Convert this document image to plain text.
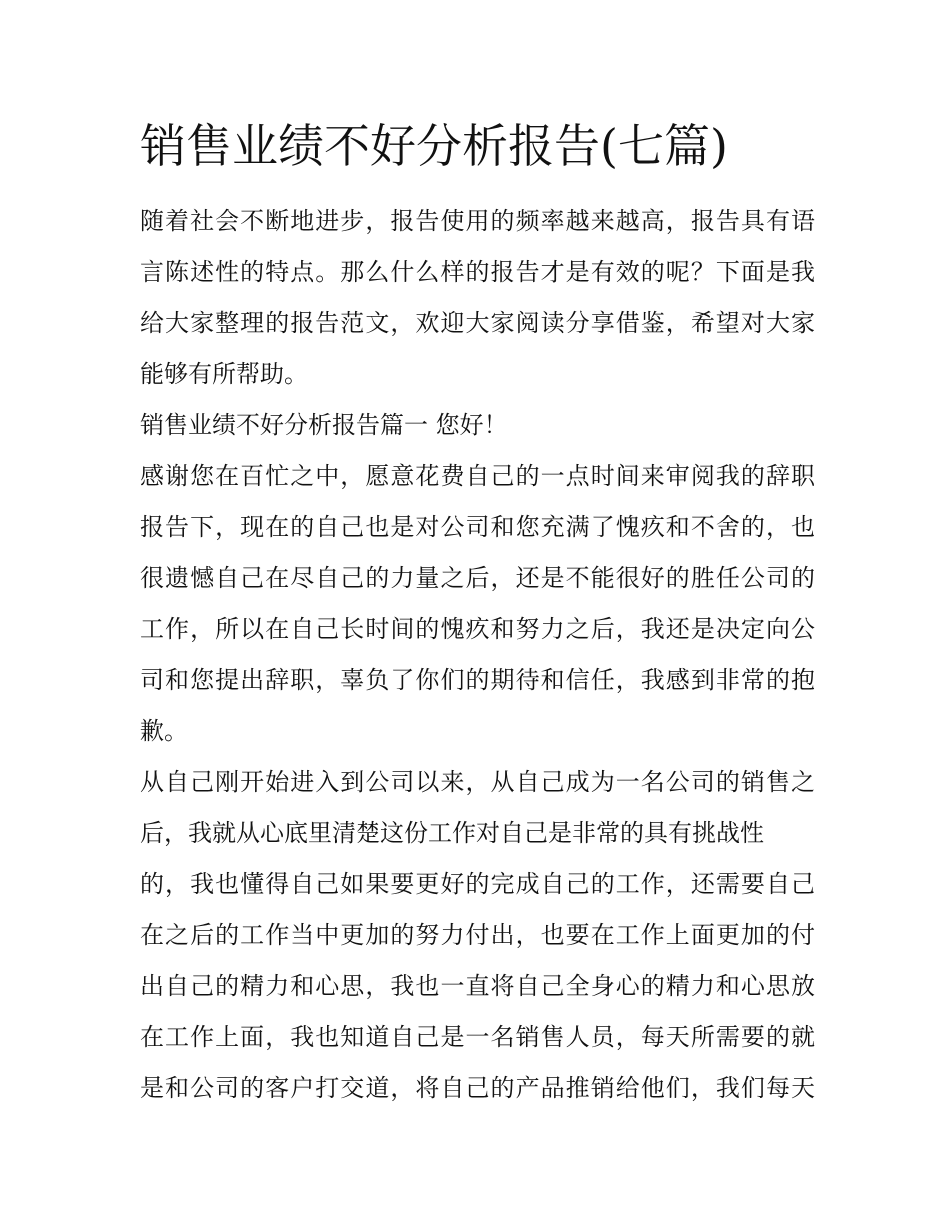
销售业绩不好分析报告(七篇)
随着社会不断地进步，报告使用的频率越来越高，报告具有语
言陈述性的特点。那么什么样的报告才是有效的呢？下面是我
给大家整理的报告范文，欢迎大家阅读分享借鉴，希望对大家
能够有所帮助。
销售业绩不好分析报告篇一 您好！
感谢您在百忙之中，愿意花费自己的一点时间来审阅我的辞职
报告下，现在的自己也是对公司和您充满了愧疚和不舍的，也
很遗憾自己在尽自己的力量之后，还是不能很好的胜任公司的
工作，所以在自己长时间的愧疚和努力之后，我还是决定向公
司和您提出辞职，辜负了你们的期待和信任，我感到非常的抱
歉。
从自己刚开始进入到公司以来，从自己成为一名公司的销售之
后，我就从心底里清楚这份工作对自己是非常的具有挑战性
的，我也懂得自己如果要更好的完成自己的工作，还需要自己
在之后的工作当中更加的努力付出，也要在工作上面更加的付
出自己的精力和心思，我也一直将自己全身心的精力和心思放
在工作上面，我也知道自己是一名销售人员，每天所需要的就
是和公司的客户打交道，将自己的产品推销给他们，我们每天
